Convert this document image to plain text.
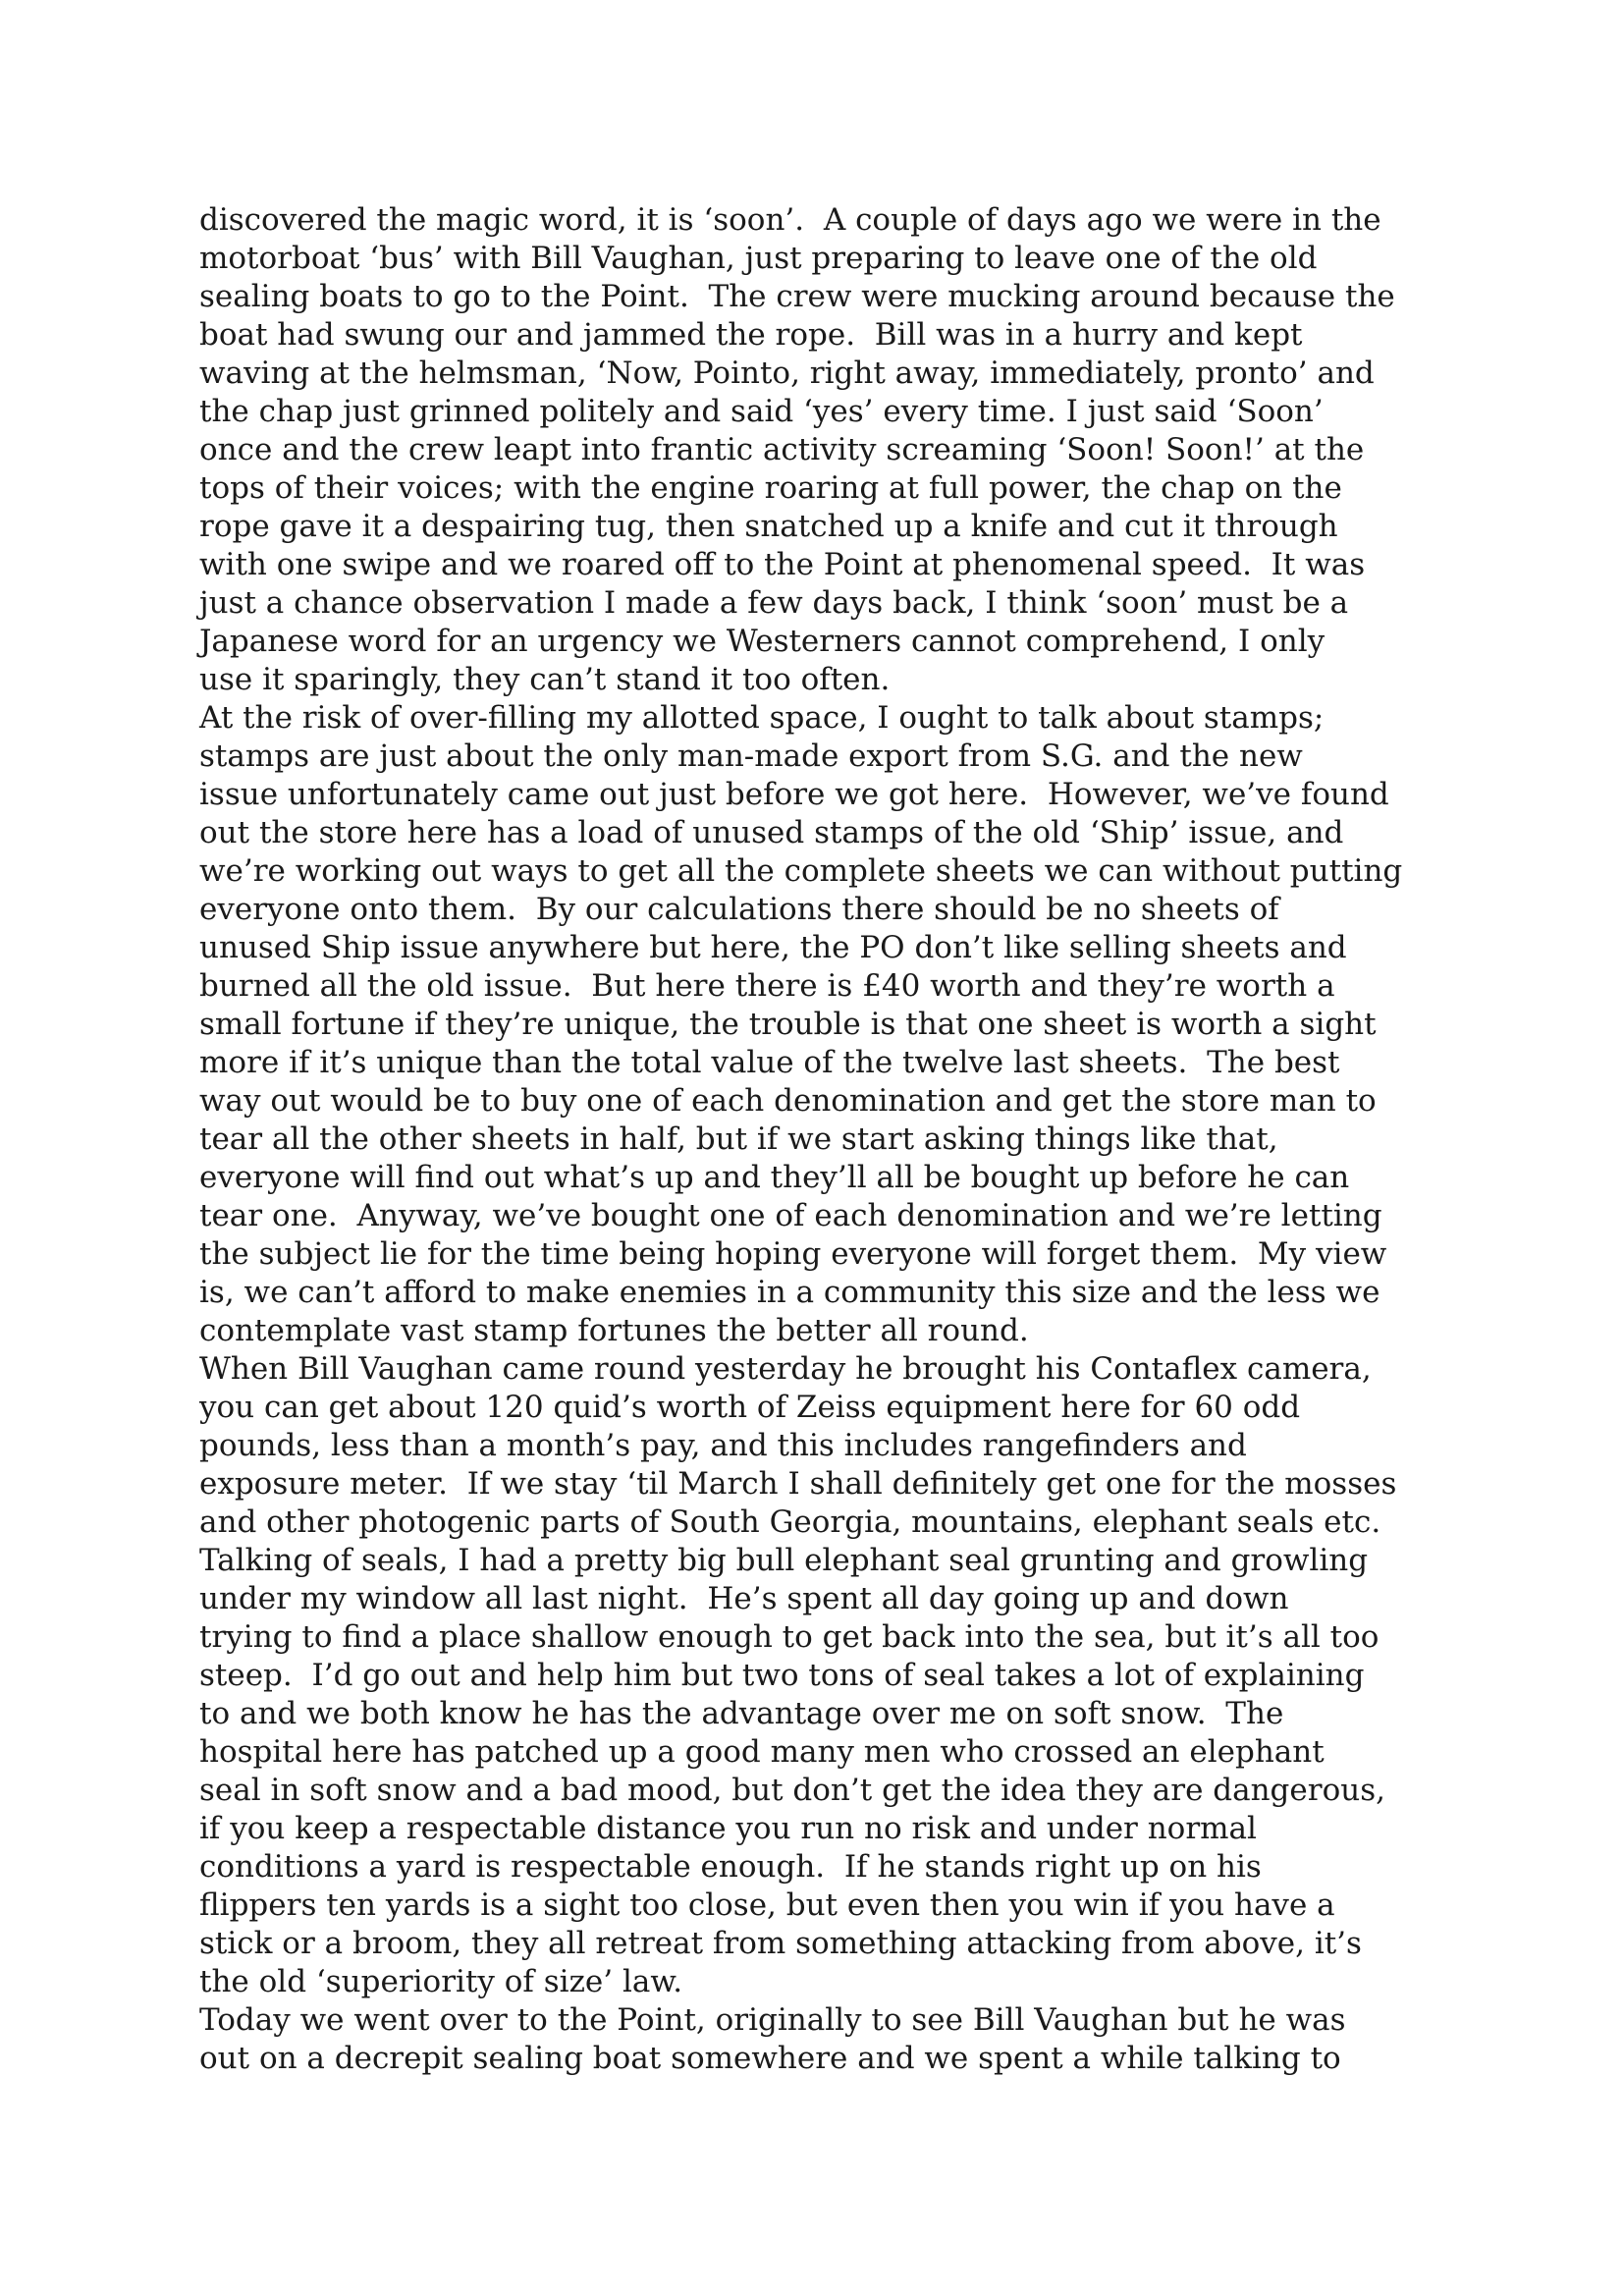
discovered the magic word, it is ‘soon’.  A couple of days ago we were in the
motorboat ‘bus’ with Bill Vaughan, just preparing to leave one of the old
sealing boats to go to the Point.  The crew were mucking around because the
boat had swung our and jammed the rope.  Bill was in a hurry and kept
waving at the helmsman, ‘Now, Pointo, right away, immediately, pronto’ and
the chap just grinned politely and said ‘yes’ every time. I just said ‘Soon’
once and the crew leapt into frantic activity screaming ‘Soon! Soon!’ at the
tops of their voices; with the engine roaring at full power, the chap on the
rope gave it a despairing tug, then snatched up a knife and cut it through
with one swipe and we roared off to the Point at phenomenal speed.  It was
just a chance observation I made a few days back, I think ‘soon’ must be a
Japanese word for an urgency we Westerners cannot comprehend, I only
use it sparingly, they can’t stand it too often.
At the risk of over-filling my allotted space, I ought to talk about stamps;
stamps are just about the only man-made export from S.G. and the new
issue unfortunately came out just before we got here.  However, we’ve found
out the store here has a load of unused stamps of the old ‘Ship’ issue, and
we’re working out ways to get all the complete sheets we can without putting
everyone onto them.  By our calculations there should be no sheets of
unused Ship issue anywhere but here, the PO don’t like selling sheets and
burned all the old issue.  But here there is £40 worth and they’re worth a
small fortune if they’re unique, the trouble is that one sheet is worth a sight
more if it’s unique than the total value of the twelve last sheets.  The best
way out would be to buy one of each denomination and get the store man to
tear all the other sheets in half, but if we start asking things like that,
everyone will find out what’s up and they’ll all be bought up before he can
tear one.  Anyway, we’ve bought one of each denomination and we’re letting
the subject lie for the time being hoping everyone will forget them.  My view
is, we can’t afford to make enemies in a community this size and the less we
contemplate vast stamp fortunes the better all round.
When Bill Vaughan came round yesterday he brought his Contaflex camera,
you can get about 120 quid’s worth of Zeiss equipment here for 60 odd
pounds, less than a month’s pay, and this includes rangefinders and
exposure meter.  If we stay ‘til March I shall definitely get one for the mosses
and other photogenic parts of South Georgia, mountains, elephant seals etc.
Talking of seals, I had a pretty big bull elephant seal grunting and growling
under my window all last night.  He’s spent all day going up and down
trying to find a place shallow enough to get back into the sea, but it’s all too
steep.  I’d go out and help him but two tons of seal takes a lot of explaining
to and we both know he has the advantage over me on soft snow.  The
hospital here has patched up a good many men who crossed an elephant
seal in soft snow and a bad mood, but don’t get the idea they are dangerous,
if you keep a respectable distance you run no risk and under normal
conditions a yard is respectable enough.  If he stands right up on his
flippers ten yards is a sight too close, but even then you win if you have a
stick or a broom, they all retreat from something attacking from above, it’s
the old ‘superiority of size’ law.
Today we went over to the Point, originally to see Bill Vaughan but he was
out on a decrepit sealing boat somewhere and we spent a while talking to
